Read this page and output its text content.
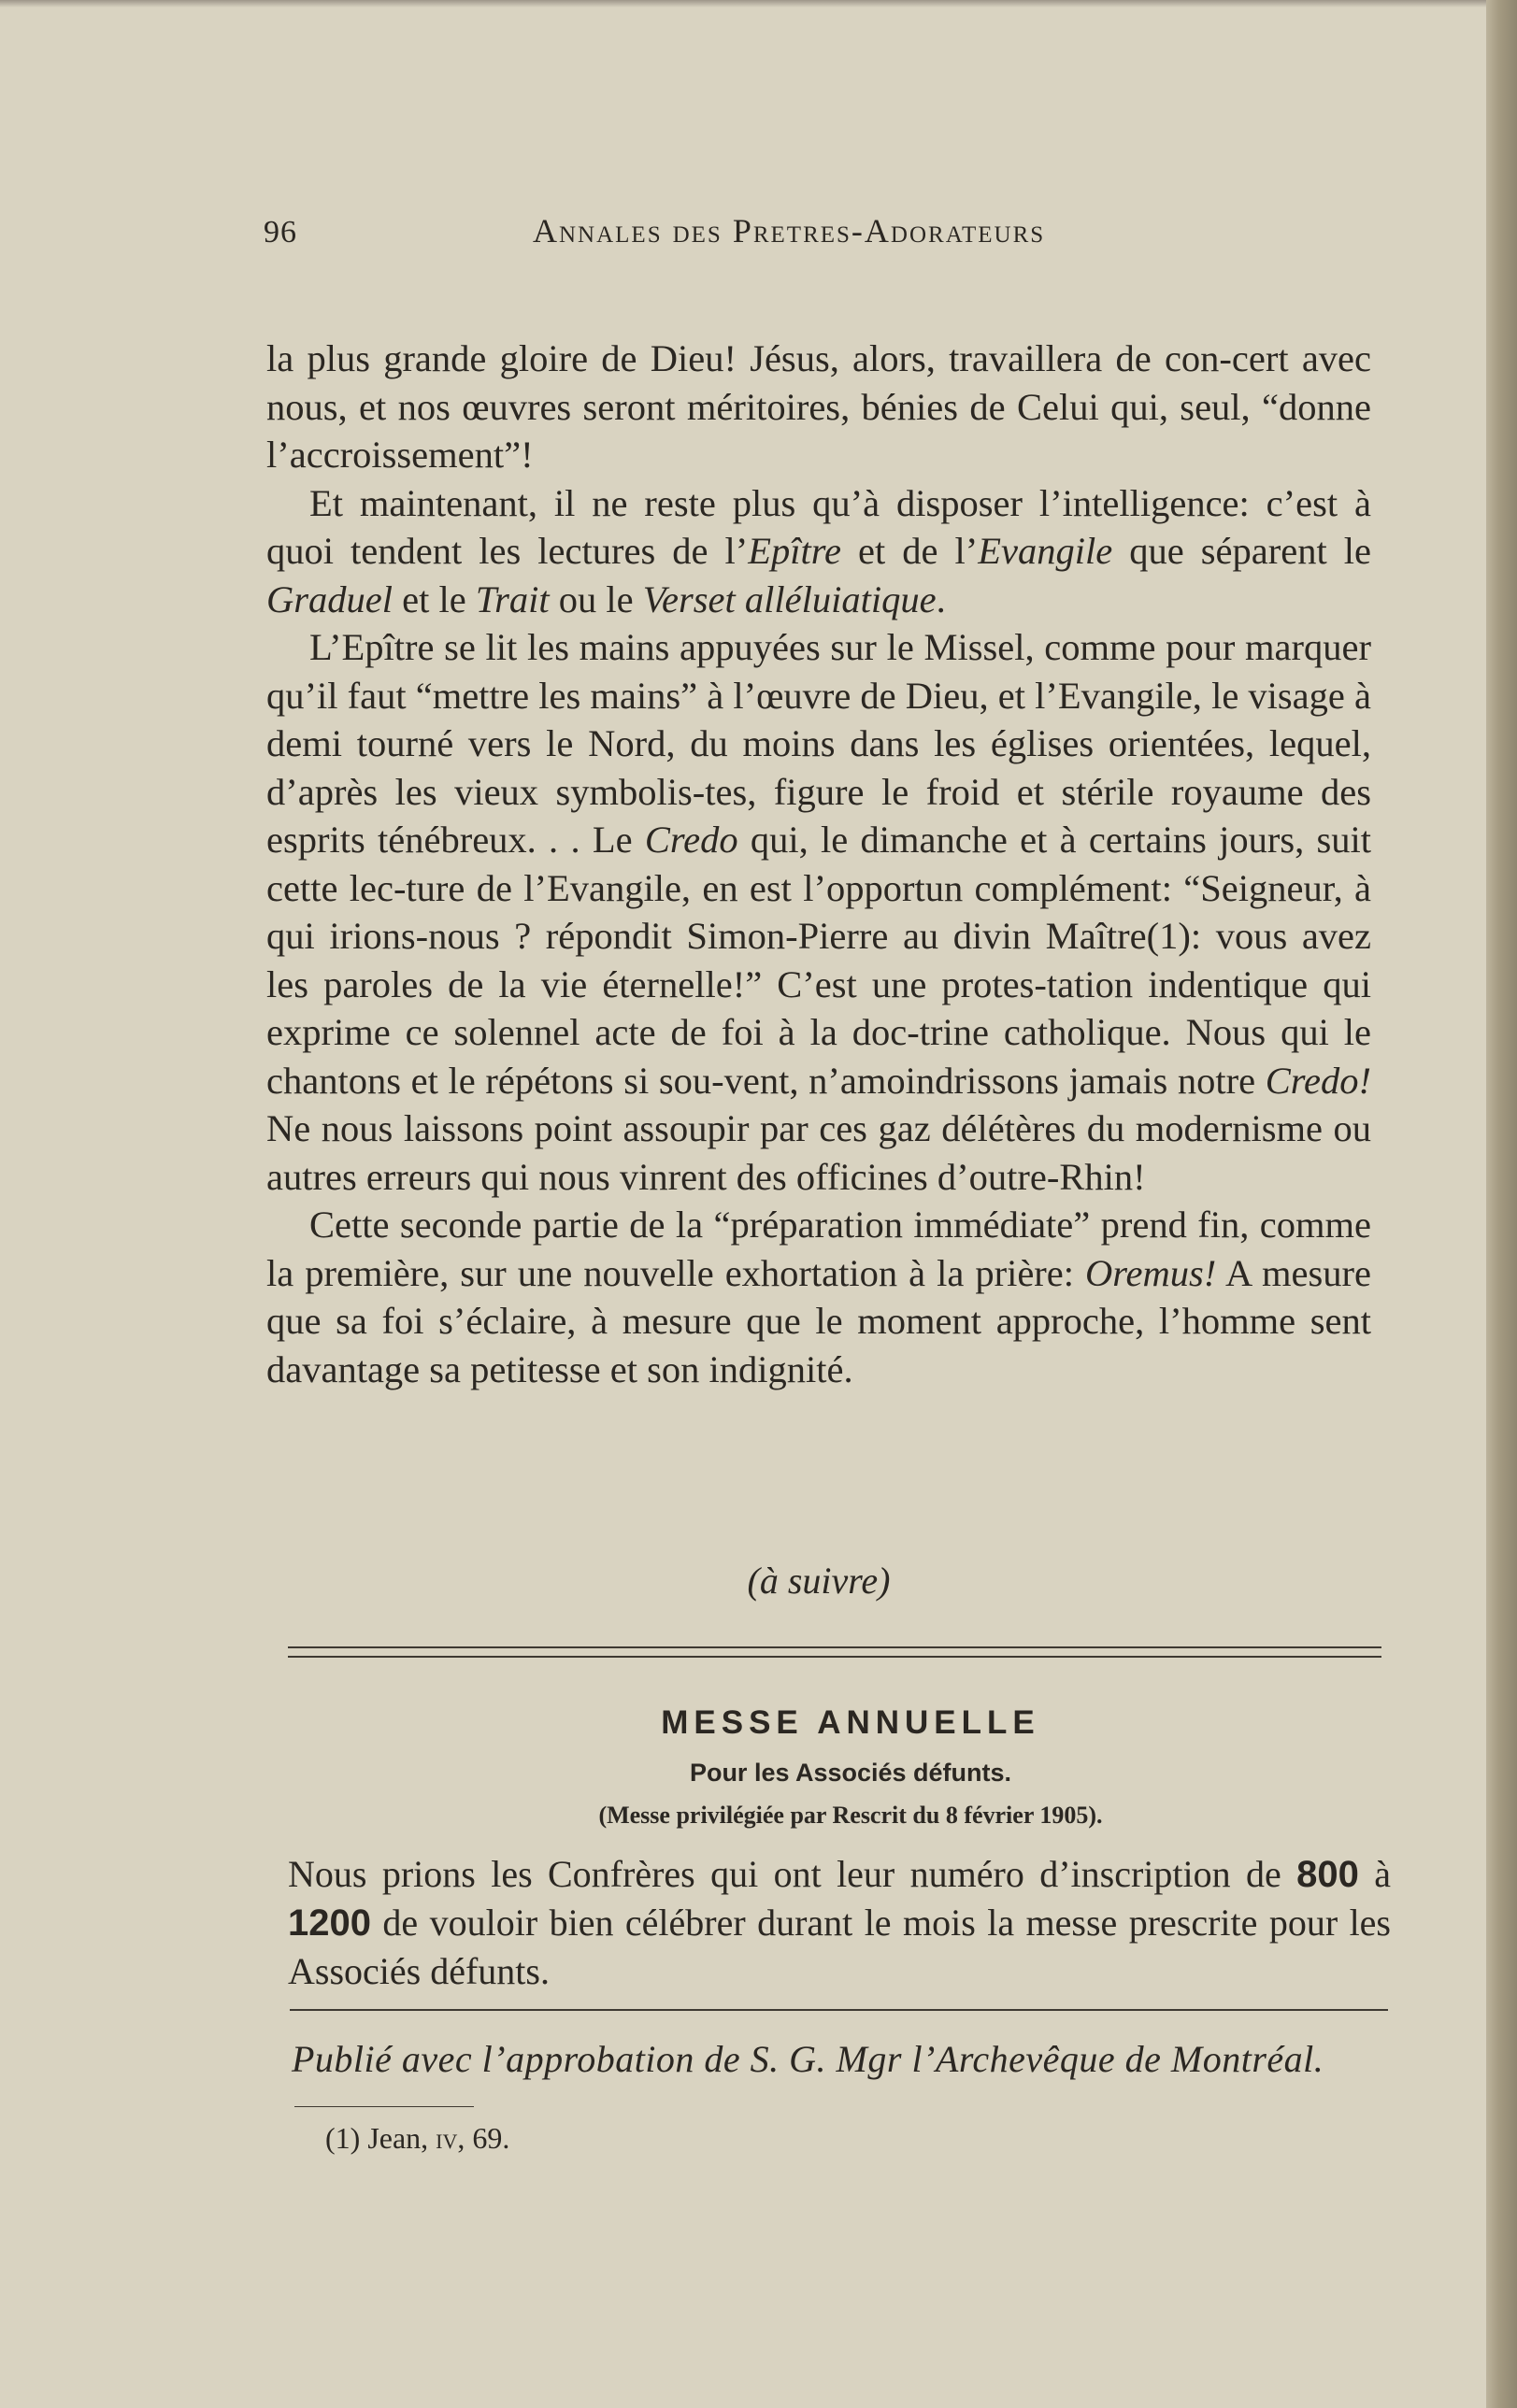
96	Annales des Pretres-Adorateurs

la plus grande gloire de Dieu! Jésus, alors, travaillera de con-cert avec nous, et nos œuvres seront méritoires, bénies de Celui qui, seul, “donne l’accroissement”!

Et maintenant, il ne reste plus qu’à disposer l’intelligence: c’est à quoi tendent les lectures de l’Epître et de l’Evangile que séparent le Graduel et le Trait ou le Verset alléluiatique.

L’Epître se lit les mains appuyées sur le Missel, comme pour marquer qu’il faut “mettre les mains” à l’œuvre de Dieu, et l’Evangile, le visage à demi tourné vers le Nord, du moins dans les églises orientées, lequel, d’après les vieux symbolis-tes, figure le froid et stérile royaume des esprits ténébreux. . . Le Credo qui, le dimanche et à certains jours, suit cette lec-ture de l’Evangile, en est l’opportun complément: “Seigneur, à qui irions-nous ? répondit Simon-Pierre au divin Maître(1): vous avez les paroles de la vie éternelle!” C’est une protes-tation indentique qui exprime ce solennel acte de foi à la doc-trine catholique. Nous qui le chantons et le répétons si sou-vent, n’amoindrissons jamais notre Credo! Ne nous laissons point assoupir par ces gaz délétères du modernisme ou autres erreurs qui nous vinrent des officines d’outre-Rhin!

Cette seconde partie de la “préparation immédiate” prend fin, comme la première, sur une nouvelle exhortation à la prière: Oremus! A mesure que sa foi s’éclaire, à mesure que le moment approche, l’homme sent davantage sa petitesse et son indignité.

(à suivre)
MESSE ANNUELLE
Pour les Associés défunts.
(Messe privilégiée par Rescrit du 8 février 1905).
Nous prions les Confrères qui ont leur numéro d’inscription de 800 à 1200 de vouloir bien célébrer durant le mois la messe prescrite pour les Associés défunts.
Publié avec l’approbation de S. G. Mgr l’Archevêque de Montréal.
(1) Jean, iv, 69.
